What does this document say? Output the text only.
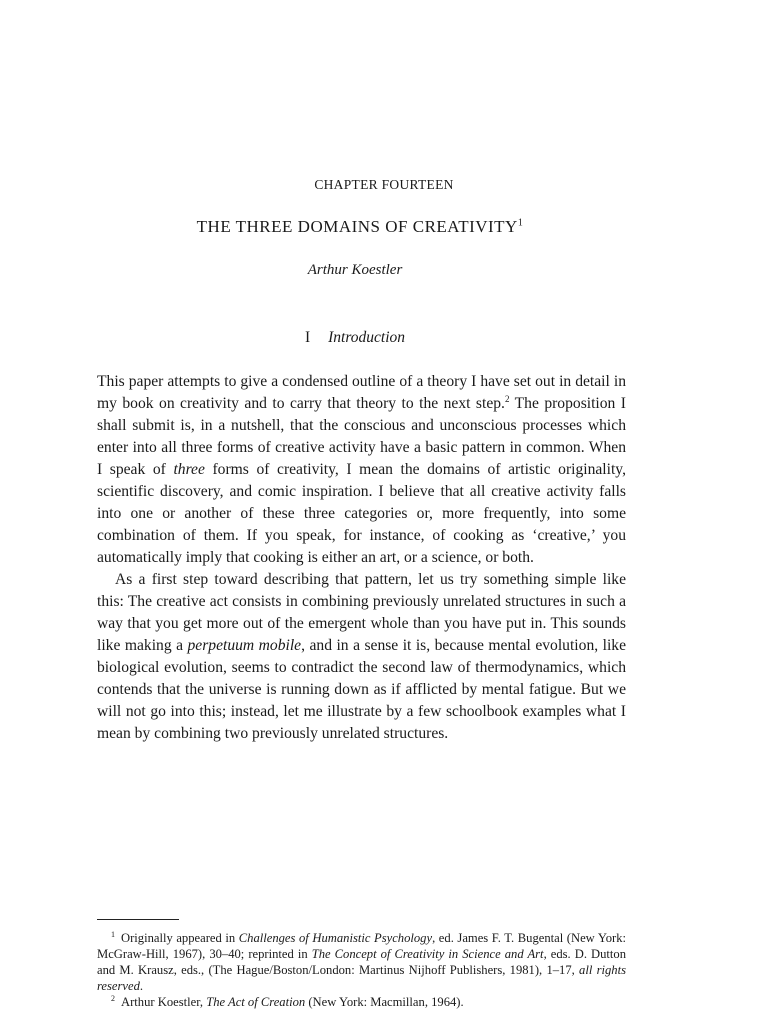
CHAPTER FOURTEEN
THE THREE DOMAINS OF CREATIVITY$^1$
Arthur Koestler
I Introduction

This paper attempts to give a condensed outline of a theory I have set out in detail in my book on creativity and to carry that theory to the next step.$^2$ The proposition I shall submit is, in a nutshell, that the conscious and unconscious processes which enter into all three forms of creative activity have a basic pattern in common. When I speak of three forms of creativity, I mean the domains of artistic originality, scientific discovery, and comic inspiration. I believe that all creative activity falls into one or another of these three categories or, more frequently, into some combination of them. If you speak, for instance, of cooking as ‘creative,’ you automatically imply that cooking is either an art, or a science, or both.

As a first step toward describing that pattern, let us try something simple like this: The creative act consists in combining previously unrelated structures in such a way that you get more out of the emergent whole than you have put in. This sounds like making a perpetuum mobile, and in a sense it is, because mental evolution, like biological evolution, seems to contradict the second law of thermodynamics, which contends that the universe is running down as if afflicted by mental fatigue. But we will not go into this; instead, let me illustrate by a few schoolbook examples what I mean by combining two previously unrelated structures.

$^1$ Originally appeared in Challenges of Humanistic Psychology, ed. James F. T. Bugental (New York: McGraw-Hill, 1967), 30–40; reprinted in The Concept of Creativity in Science and Art, eds. D. Dutton and M. Krausz, eds., (The Hague/Boston/London: Martinus Nijhoff Publishers, 1981), 1–17, all rights reserved.

$^2$ Arthur Koestler, The Act of Creation (New York: Macmillan, 1964).
